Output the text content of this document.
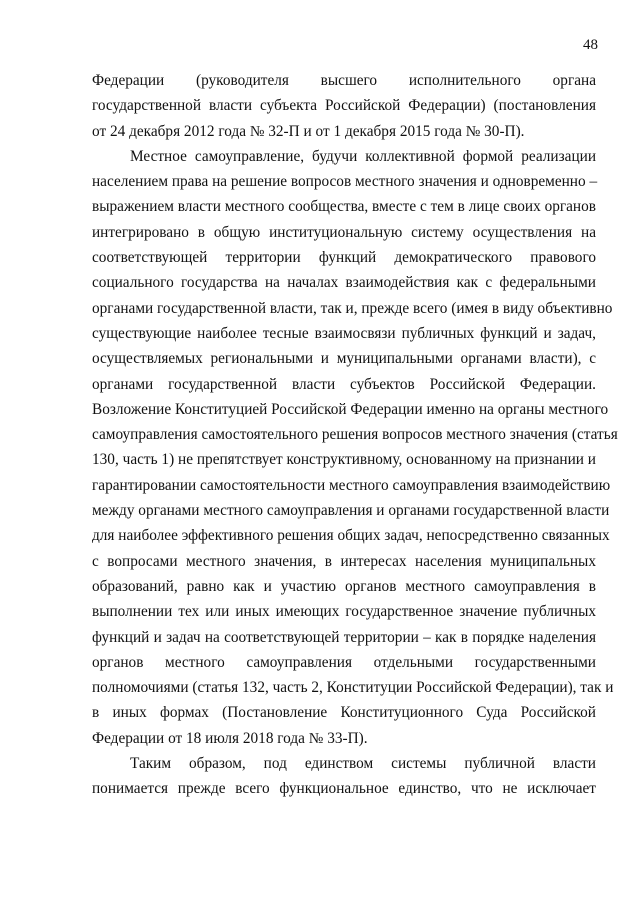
48
Федерации (руководителя высшего исполнительного органа
государственной власти субъекта Российской Федерации) (постановления
от 24 декабря 2012 года № 32-П и от 1 декабря 2015 года № 30-П).
Местное самоуправление, будучи коллективной формой реализации
населением права на решение вопросов местного значения и одновременно –
выражением власти местного сообщества, вместе с тем в лице своих органов
интегрировано в общую институциональную систему осуществления на
соответствующей территории функций демократического правового
социального государства на началах взаимодействия как с федеральными
органами государственной власти, так и, прежде всего (имея в виду объективно
существующие наиболее тесные взаимосвязи публичных функций и задач,
осуществляемых региональными и муниципальными органами власти), с
органами государственной власти субъектов Российской Федерации.
Возложение Конституцией Российской Федерации именно на органы местного
самоуправления самостоятельного решения вопросов местного значения (статья
130, часть 1) не препятствует конструктивному, основанному на признании и
гарантировании самостоятельности местного самоуправления взаимодействию
между органами местного самоуправления и органами государственной власти
для наиболее эффективного решения общих задач, непосредственно связанных
с вопросами местного значения, в интересах населения муниципальных
образований, равно как и участию органов местного самоуправления в
выполнении тех или иных имеющих государственное значение публичных
функций и задач на соответствующей территории – как в порядке наделения
органов местного самоуправления отдельными государственными
полномочиями (статья 132, часть 2, Конституции Российской Федерации), так и
в иных формах (Постановление Конституционного Суда Российской
Федерации от 18 июля 2018 года № 33-П).
Таким образом, под единством системы публичной власти
понимается прежде всего функциональное единство, что не исключает
